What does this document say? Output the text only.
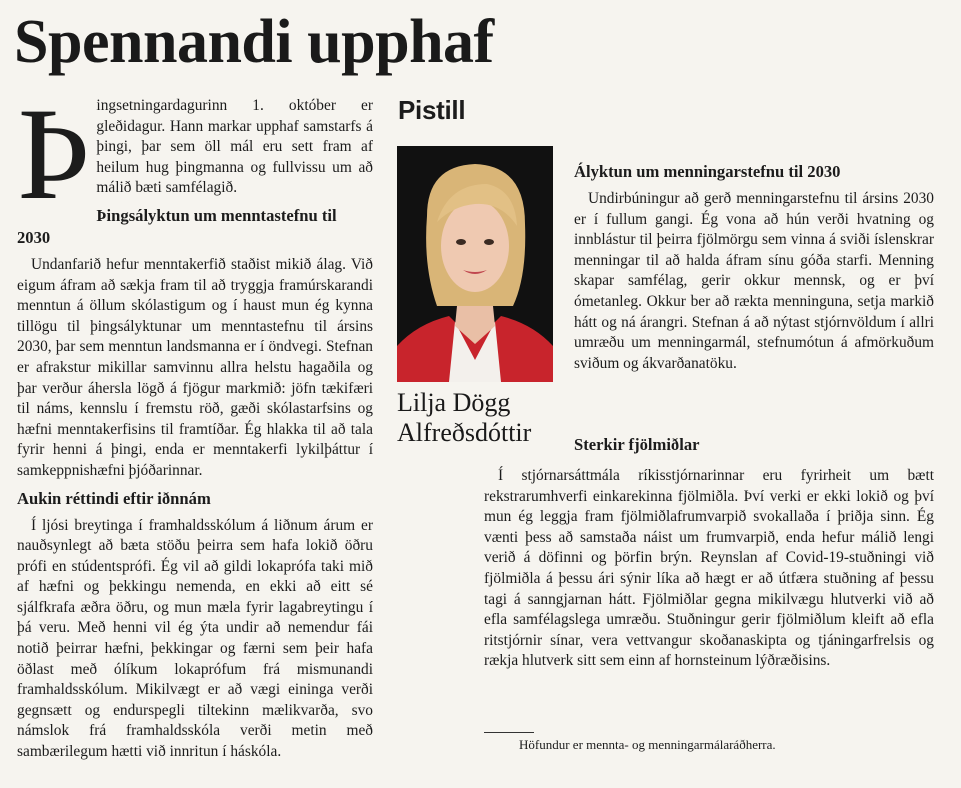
Spennandi upphaf

Þingsetningardagurinn 1. október er gleðidagur. Hann markar upphaf samstarfs á þingi, þar sem öll mál eru sett fram af heilum hug þingmanna og fullvissu um að málið bæti samfélagið.

Þingsályktun um menntastefnu til 2030

Undanfarið hefur menntakerfið staðist mikið álag. Við eigum áfram að sækja fram til að tryggja framúrskarandi menntun á öllum skólastigum og í haust mun ég kynna tillögu til þingsályktunar um menntastefnu til ársins 2030, þar sem menntun landsmanna er í öndvegi. Stefnan er afrakstur mikillar samvinnu allra helstu hagaðila og þar verður áhersla lögð á fjögur markmið: jöfn tækifæri til náms, kennslu í fremstu röð, gæði skólastarfsins og hæfni menntakerfisins til framtíðar. Ég hlakka til að tala fyrir henni á þingi, enda er menntakerfi lykilþáttur í samkeppnishæfni þjóðarinnar.

Aukin réttindi eftir iðnnám

Í ljósi breytinga í framhaldsskólum á liðnum árum er nauðsynlegt að bæta stöðu þeirra sem hafa lokið öðru prófi en stúdentsprófi. Ég vil að gildi lokaprófa taki mið af hæfni og þekkingu nemenda, en ekki að eitt sé sjálfkrafa æðra öðru, og mun mæla fyrir lagabreytingu í þá veru. Með henni vil ég ýta undir að nemendur fái notið þeirrar hæfni, þekkingar og færni sem þeir hafa öðlast með ólíkum lokaprófum frá mismunandi framhaldsskólum. Mikilvægt er að vægi eininga verði gegnsætt og endurspegli tiltekinn mælikvarða, svo námslok frá framhaldsskóla verði metin með sambærilegum hætti við innritun í háskóla.

Pistill
Lilja Dögg
Alfreðsdóttir
Ályktun um menningarstefnu til 2030

Undirbúningur að gerð menningarstefnu til ársins 2030 er í fullum gangi. Ég vona að hún verði hvatning og innblástur til þeirra fjölmörgu sem vinna á sviði íslenskrar menningar til að halda áfram sínu góða starfi. Menning skapar samfélag, gerir okkur mennsk, og er því ómetanleg. Okkur ber að rækta menninguna, setja markið hátt og ná árangri. Stefnan á að nýtast stjórnvöldum í allri umræðu um menningarmál, stefnumótun á afmörkuðum sviðum og ákvarðanatöku.

Sterkir fjölmiðlar

Í stjórnarsáttmála ríkisstjórnarinnar eru fyrirheit um bætt rekstrarumhverfi einkarekinna fjölmiðla. Því verki er ekki lokið og því mun ég leggja fram fjölmiðlafrumvarpið svokallaða í þriðja sinn. Ég vænti þess að samstaða náist um frumvarpið, enda hefur málið lengi verið á döfinni og þörfin brýn. Reynslan af Covid-19-stuðningi við fjölmiðla á þessu ári sýnir líka að hægt er að útfæra stuðning af þessu tagi á sanngjarnan hátt. Fjölmiðlar gegna mikilvægu hlutverki við að efla samfélagslega umræðu. Stuðningur gerir fjölmiðlum kleift að efla ritstjórnir sínar, vera vettvangur skoðanaskipta og tjáningarfrelsis og rækja hlutverk sitt sem einn af hornsteinum lýðræðisins.

Höfundur er mennta- og menningarmálaráðherra.
